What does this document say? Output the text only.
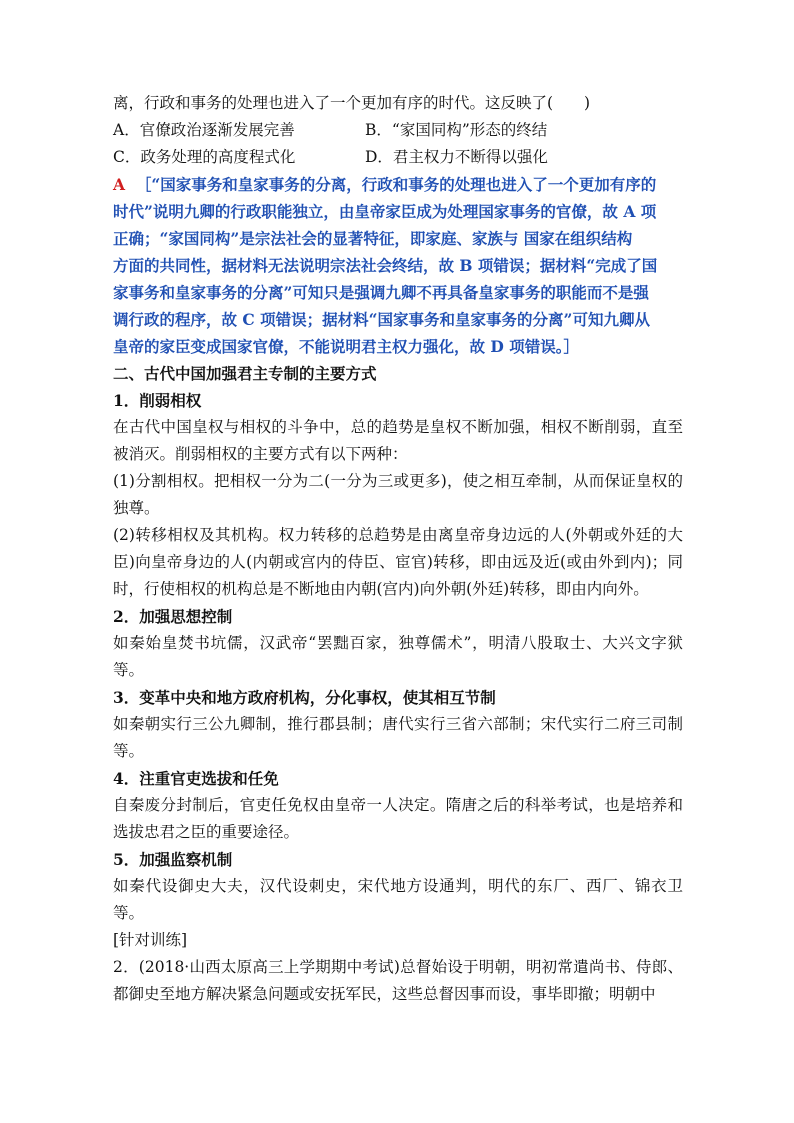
离，行政和事务的处理也进入了一个更加有序的时代。这反映了(　　)
A．官僚政治逐渐发展完善	B．“家国同构”形态的终结
C．政务处理的高度程式化	D．君主权力不断得以强化
A ［“国家事务和皇家事务的分离，行政和事务的处理也进入了一个更加有序的
时代”说明九卿的行政职能独立，由皇帝家臣成为处理国家事务的官僚，故 A 项
正确；“家国同构”是宗法社会的显著特征，即家庭、家族与 国家在组织结构
方面的共同性，据材料无法说明宗法社会终结，故 B 项错误；据材料“完成了国
家事务和皇家事务的分离”可知只是强调九卿不再具备皇家事务的职能而不是强
调行政的程序，故 C 项错误；据材料“国家事务和皇家事务的分离”可知九卿从
皇帝的家臣变成国家官僚，不能说明君主权力强化，故 D 项错误。］
二、古代中国加强君主专制的主要方式
1．削弱相权
在古代中国皇权与相权的斗争中，总的趋势是皇权不断加强，相权不断削弱，直至被消灭。削弱相权的主要方式有以下两种：
(1)分割相权。把相权一分为二(一分为三或更多)，使之相互牵制，从而保证皇权的独尊。
(2)转移相权及其机构。权力转移的总趋势是由离皇帝身边远的人(外朝或外廷的大臣)向皇帝身边的人(内朝或宫内的侍臣、宦官)转移，即由远及近(或由外到内)；同时，行使相权的机构总是不断地由内朝(宫内)向外朝(外廷)转移，即由内向外。
2．加强思想控制
如秦始皇焚书坑儒，汉武帝“罢黜百家，独尊儒术”，明清八股取士、大兴文字狱等。
3．变革中央和地方政府机构，分化事权，使其相互节制
如秦朝实行三公九卿制，推行郡县制；唐代实行三省六部制；宋代实行二府三司制等。
4．注重官吏选拔和任免
自秦废分封制后，官吏任免权由皇帝一人决定。隋唐之后的科举考试，也是培养和选拔忠君之臣的重要途径。
5．加强监察机制
如秦代设御史大夫，汉代设刺史，宋代地方设通判，明代的东厂、西厂、锦衣卫等。
[针对训练]
2．(2018·山西太原高三上学期期中考试)总督始设于明朝，明初常遣尚书、侍郎、都御史至地方解决紧急问题或安抚军民，这些总督因事而设，事毕即撤；明朝中
